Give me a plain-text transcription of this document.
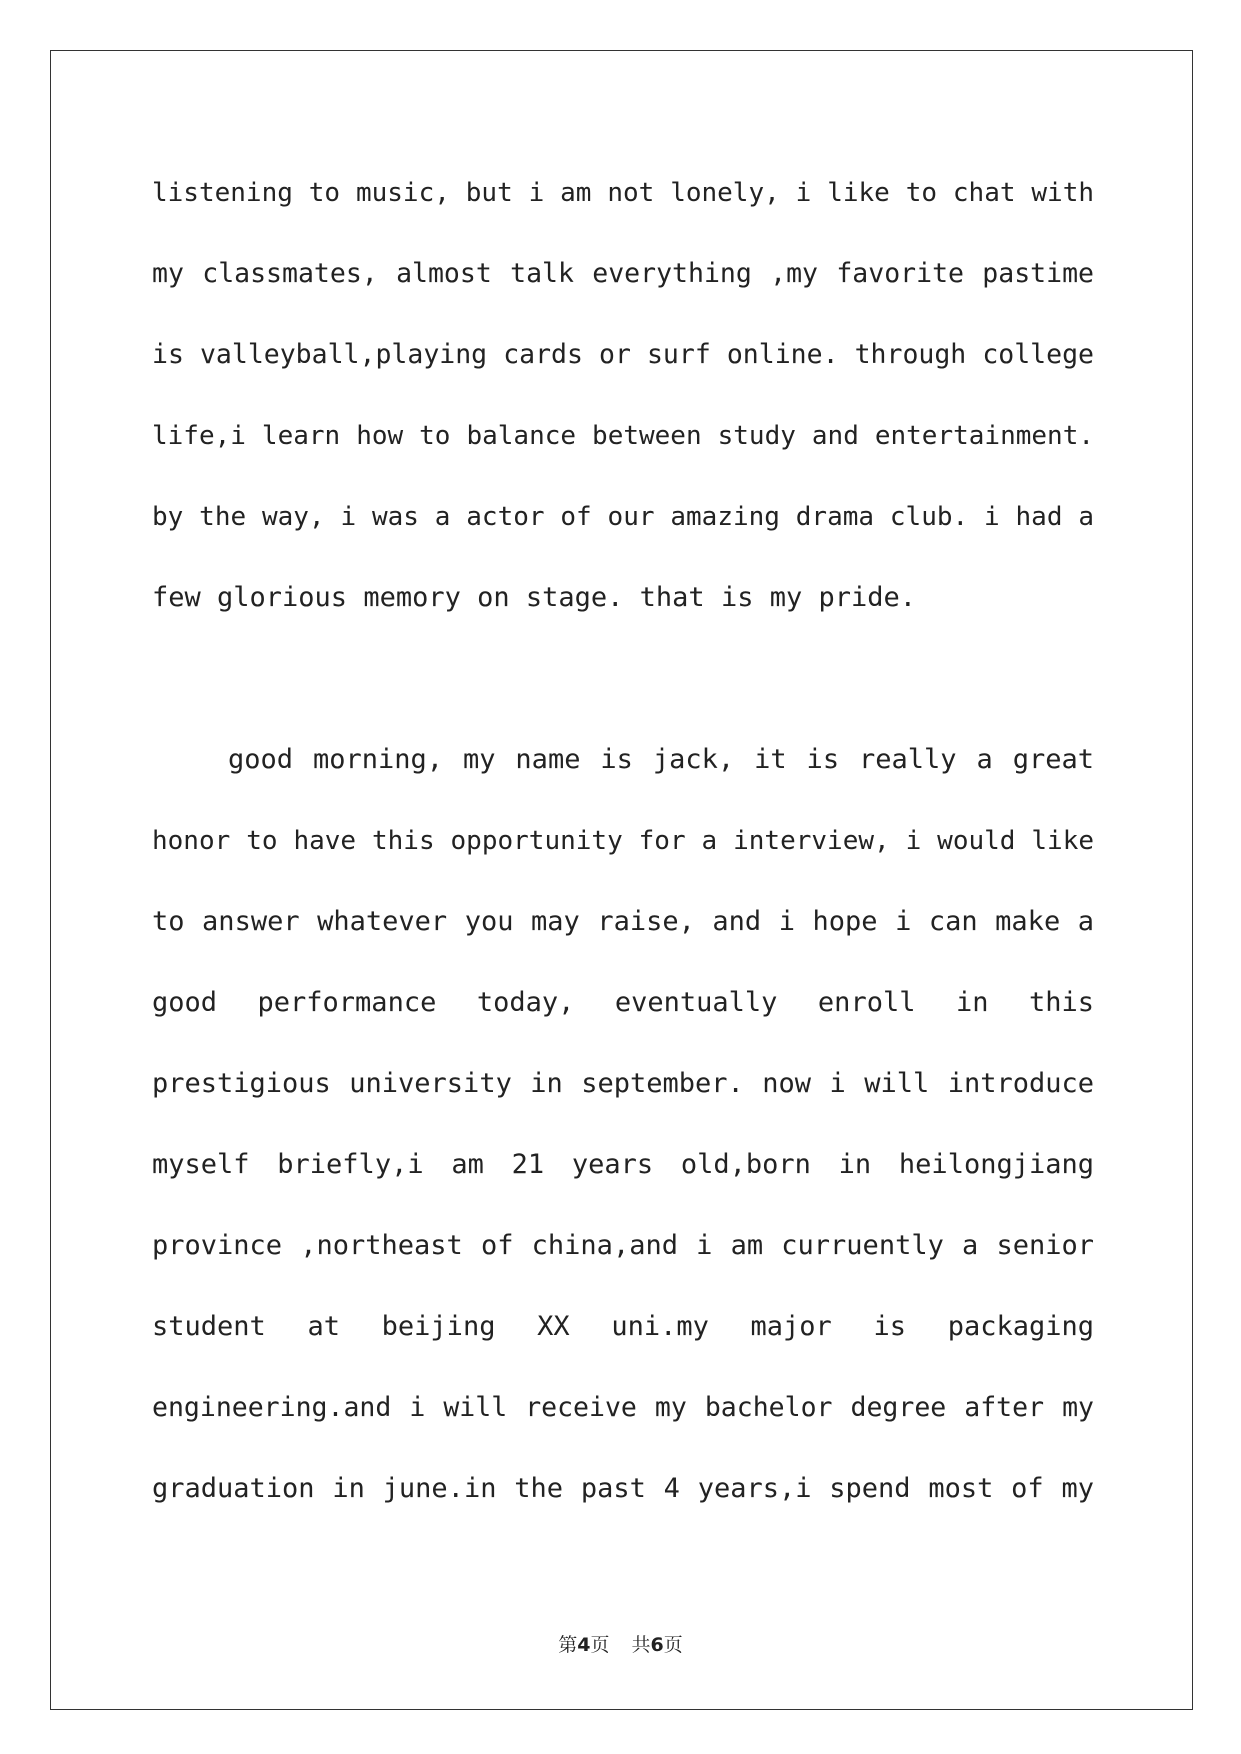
listening to music, but i am not lonely, i like to chat with
my classmates, almost talk everything ,my favorite pastime
is valleyball,playing cards or surf online. through college
life,i learn how to balance between study and entertainment.
by the way, i was a actor of our amazing drama club. i had a
few glorious memory on stage. that is my pride.
good morning, my name is jack, it is really a great
honor to have this opportunity for a interview, i would like
to answer whatever you may raise, and i hope i can make a
good performance today, eventually enroll in this
prestigious university in september. now i will introduce
myself briefly,i am 21 years old,born in heilongjiang
province ,northeast of china,and i am curruently a senior
student at beijing XX uni.my major is packaging
engineering.and i will receive my bachelor degree after my
graduation in june.in the past 4 years,i spend most of my
第4页 共6页
